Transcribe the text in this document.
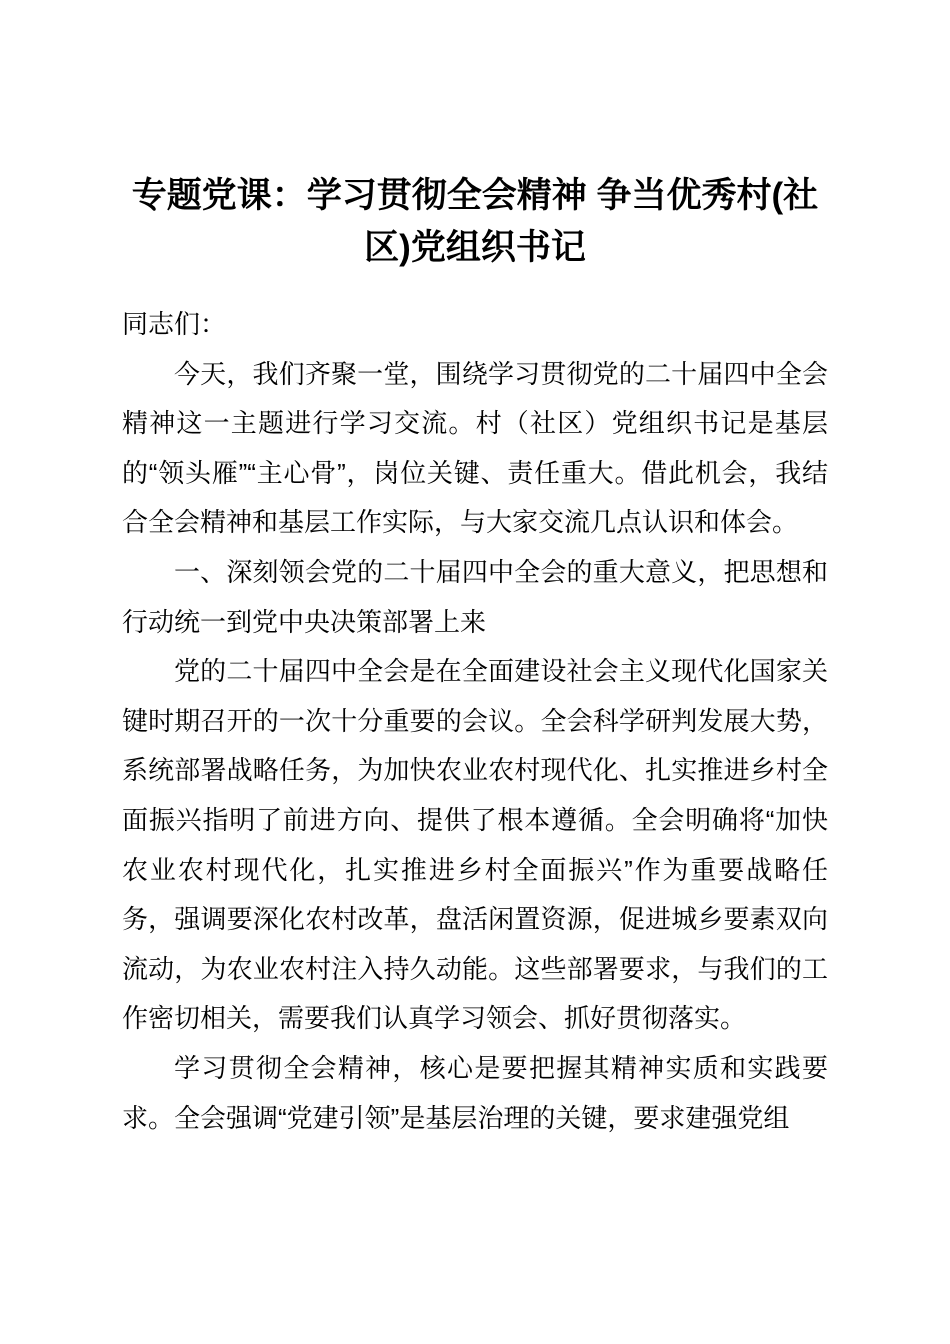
专题党课：学习贯彻全会精神 争当优秀村(社区)党组织书记

同志们：

今天，我们齐聚一堂，围绕学习贯彻党的二十届四中全会精神这一主题进行学习交流。村（社区）党组织书记是基层的“领头雁”“主心骨”，岗位关键、责任重大。借此机会，我结合全会精神和基层工作实际，与大家交流几点认识和体会。

一、深刻领会党的二十届四中全会的重大意义，把思想和行动统一到党中央决策部署上来

党的二十届四中全会是在全面建设社会主义现代化国家关键时期召开的一次十分重要的会议。全会科学研判发展大势，系统部署战略任务，为加快农业农村现代化、扎实推进乡村全面振兴指明了前进方向、提供了根本遵循。全会明确将“加快农业农村现代化，扎实推进乡村全面振兴”作为重要战略任务，强调要深化农村改革，盘活闲置资源，促进城乡要素双向流动，为农业农村注入持久动能。这些部署要求，与我们的工作密切相关，需要我们认真学习领会、抓好贯彻落实。

学习贯彻全会精神，核心是要把握其精神实质和实践要求。全会强调“党建引领”是基层治理的关键，要求建强党组
